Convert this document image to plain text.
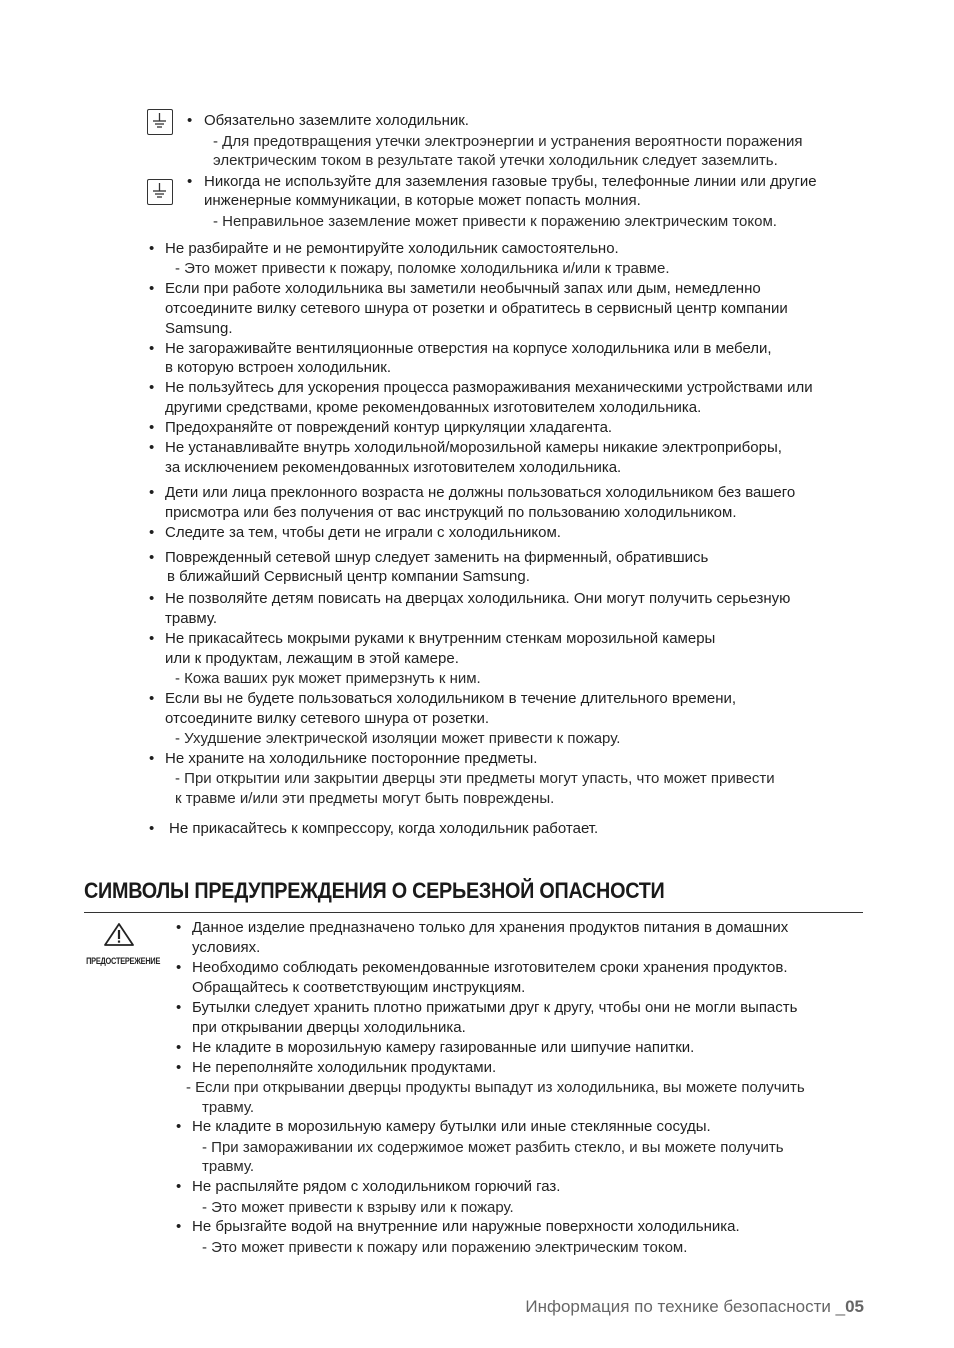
• Обязательно заземлите холодильник.
- Для предотвращения утечки электроэнергии и устранения вероятности поражения
электрическим током в результате такой утечки холодильник следует заземлить.
• Никогда не используйте для заземления газовые трубы, телефонные линии или другие
инженерные коммуникации, в которые может попасть молния.
- Неправильное заземление может привести к поражению электрическим током.
• Не разбирайте и не ремонтируйте холодильник самостоятельно.
- Это может привести к пожару, поломке холодильника и/или к травме.
• Если при работе холодильника вы заметили необычный запах или дым, немедленно
отсоедините вилку сетевого шнура от розетки и обратитесь в сервисный центр компании
Samsung.
• Не загораживайте вентиляционные отверстия на корпусе холодильника или в мебели,
в которую встроен холодильник.
• Не пользуйтесь для ускорения процесса размораживания механическими устройствами или
другими средствами, кроме рекомендованных изготовителем холодильника.
• Предохраняйте от повреждений контур циркуляции хладагента.
• Не устанавливайте внутрь холодильной/морозильной камеры никакие электроприборы,
за исключением рекомендованных изготовителем холодильника.
• Дети или лица преклонного возраста не должны пользоваться холодильником без вашего
присмотра или без получения от вас инструкций по пользованию холодильником.
• Следите за тем, чтобы дети не играли с холодильником.
• Поврежденный сетевой шнур следует заменить на фирменный, обратившись
в ближайший Сервисный центр компании Samsung.
• Не позволяйте детям повисать на дверцах холодильника. Они могут получить серьезную
травму.
• Не прикасайтесь мокрыми руками к внутренним стенкам морозильной камеры
или к продуктам, лежащим в этой камере.
- Кожа ваших рук может примерзнуть к ним.
• Если вы не будете пользоваться холодильником в течение длительного времени,
отсоедините вилку сетевого шнура от розетки.
- Ухудшение электрической изоляции может привести к пожару.
• Не храните на холодильнике посторонние предметы.
- При открытии или закрытии дверцы эти предметы могут упасть, что может привести
к травме и/или эти предметы могут быть повреждены.
• Не прикасайтесь к компрессору, когда холодильник работает.
СИМВОЛЫ ПРЕДУПРЕЖДЕНИЯ О СЕРЬЕЗНОЙ ОПАСНОСТИ
ПРЕДОСТЕРЕЖЕНИЕ
• Данное изделие предназначено только для хранения продуктов питания в домашних
условиях.
• Необходимо соблюдать рекомендованные изготовителем сроки хранения продуктов.
Обращайтесь к соответствующим инструкциям.
• Бутылки следует хранить плотно прижатыми друг к другу, чтобы они не могли выпасть
при открывании дверцы холодильника.
• Не кладите в морозильную камеру газированные или шипучие напитки.
• Не переполняйте холодильник продуктами.
- Если при открывании дверцы продукты выпадут из холодильника, вы можете получить
травму.
• Не кладите в морозильную камеру бутылки или иные стеклянные сосуды.
- При замораживании их содержимое может разбить стекло, и вы можете получить
травму.
• Не распыляйте рядом с холодильником горючий газ.
- Это может привести к взрыву или к пожару.
• Не брызгайте водой на внутренние или наружные поверхности холодильника.
- Это может привести к пожару или поражению электрическим током.
Информация по технике безопасности _05
